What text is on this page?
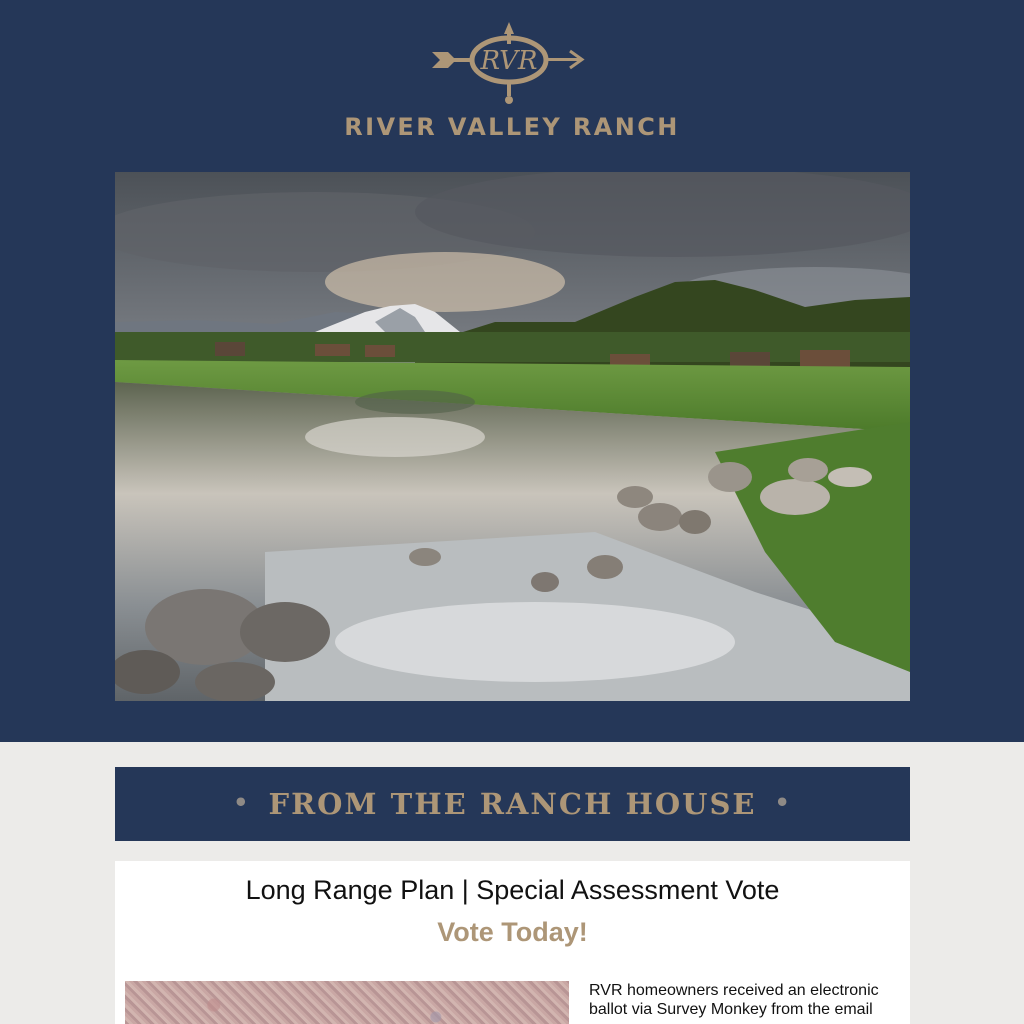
RVR
RIVER VALLEY RANCH
• FROM THE RANCH HOUSE •
Long Range Plan | Special Assessment Vote
Vote Today!
RVR homeowners received an electronic ballot via Survey Monkey from the email
